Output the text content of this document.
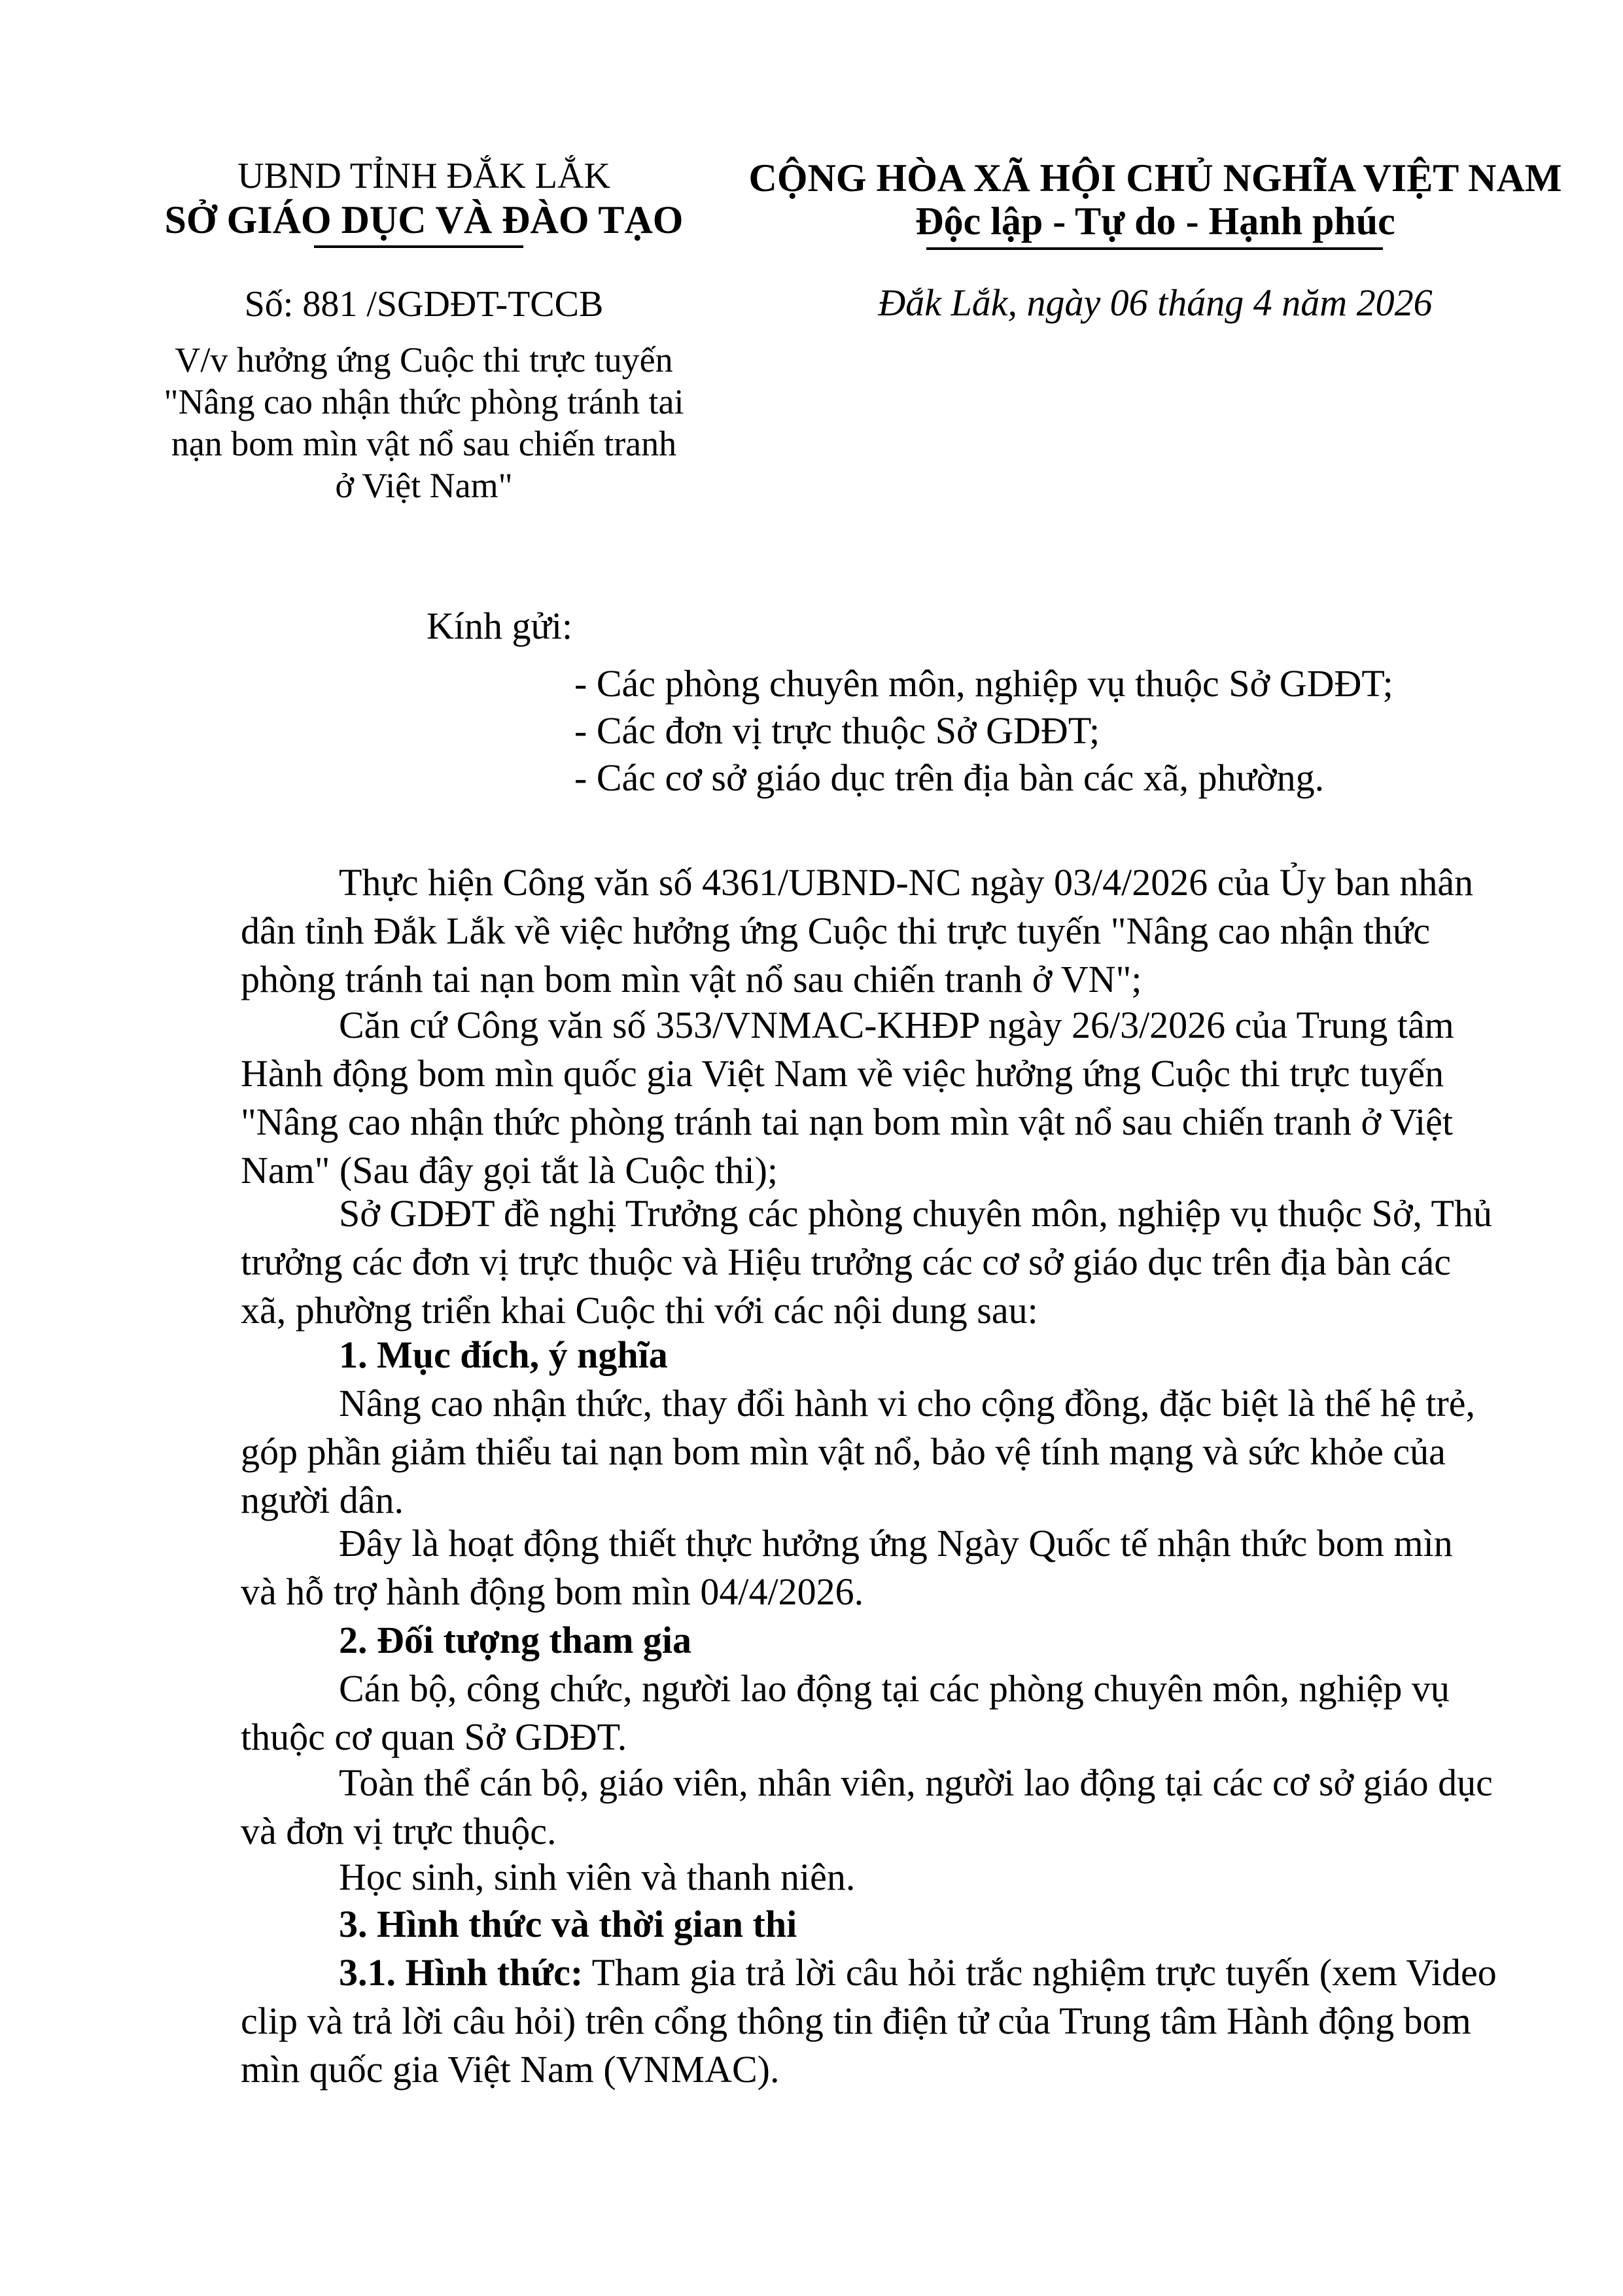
UBND TỈNH ĐẮK LẮK
SỞ GIÁO DỤC VÀ ĐÀO TẠO
Số: 881 /SGDĐT-TCCB
V/v hưởng ứng Cuộc thi trực tuyến
"Nâng cao nhận thức phòng tránh tai
nạn bom mìn vật nổ sau chiến tranh
ở Việt Nam"
CỘNG HÒA XÃ HỘI CHỦ NGHĨA VIỆT NAM
Độc lập - Tự do - Hạnh phúc
Đắk Lắk, ngày 06 tháng 4 năm 2026
Kính gửi:
- Các phòng chuyên môn, nghiệp vụ thuộc Sở GDĐT;
- Các đơn vị trực thuộc Sở GDĐT;
- Các cơ sở giáo dục trên địa bàn các xã, phường.
Thực hiện Công văn số 4361/UBND-NC ngày 03/4/2026 của Ủy ban nhân
dân tỉnh Đắk Lắk về việc hưởng ứng Cuộc thi trực tuyến "Nâng cao nhận thức
phòng tránh tai nạn bom mìn vật nổ sau chiến tranh ở VN";
Căn cứ Công văn số 353/VNMAC-KHĐP ngày 26/3/2026 của Trung tâm
Hành động bom mìn quốc gia Việt Nam về việc hưởng ứng Cuộc thi trực tuyến
"Nâng cao nhận thức phòng tránh tai nạn bom mìn vật nổ sau chiến tranh ở Việt
Nam" (Sau đây gọi tắt là Cuộc thi);
Sở GDĐT đề nghị Trưởng các phòng chuyên môn, nghiệp vụ thuộc Sở, Thủ
trưởng các đơn vị trực thuộc và Hiệu trưởng các cơ sở giáo dục trên địa bàn các
xã, phường triển khai Cuộc thi với các nội dung sau:
1. Mục đích, ý nghĩa
Nâng cao nhận thức, thay đổi hành vi cho cộng đồng, đặc biệt là thế hệ trẻ,
góp phần giảm thiểu tai nạn bom mìn vật nổ, bảo vệ tính mạng và sức khỏe của
người dân.
Đây là hoạt động thiết thực hưởng ứng Ngày Quốc tế nhận thức bom mìn
và hỗ trợ hành động bom mìn 04/4/2026.
2. Đối tượng tham gia
Cán bộ, công chức, người lao động tại các phòng chuyên môn, nghiệp vụ
thuộc cơ quan Sở GDĐT.
Toàn thể cán bộ, giáo viên, nhân viên, người lao động tại các cơ sở giáo dục
và đơn vị trực thuộc.
Học sinh, sinh viên và thanh niên.
3. Hình thức và thời gian thi
3.1. Hình thức: Tham gia trả lời câu hỏi trắc nghiệm trực tuyến (xem Video
clip và trả lời câu hỏi) trên cổng thông tin điện tử của Trung tâm Hành động bom
mìn quốc gia Việt Nam (VNMAC).
